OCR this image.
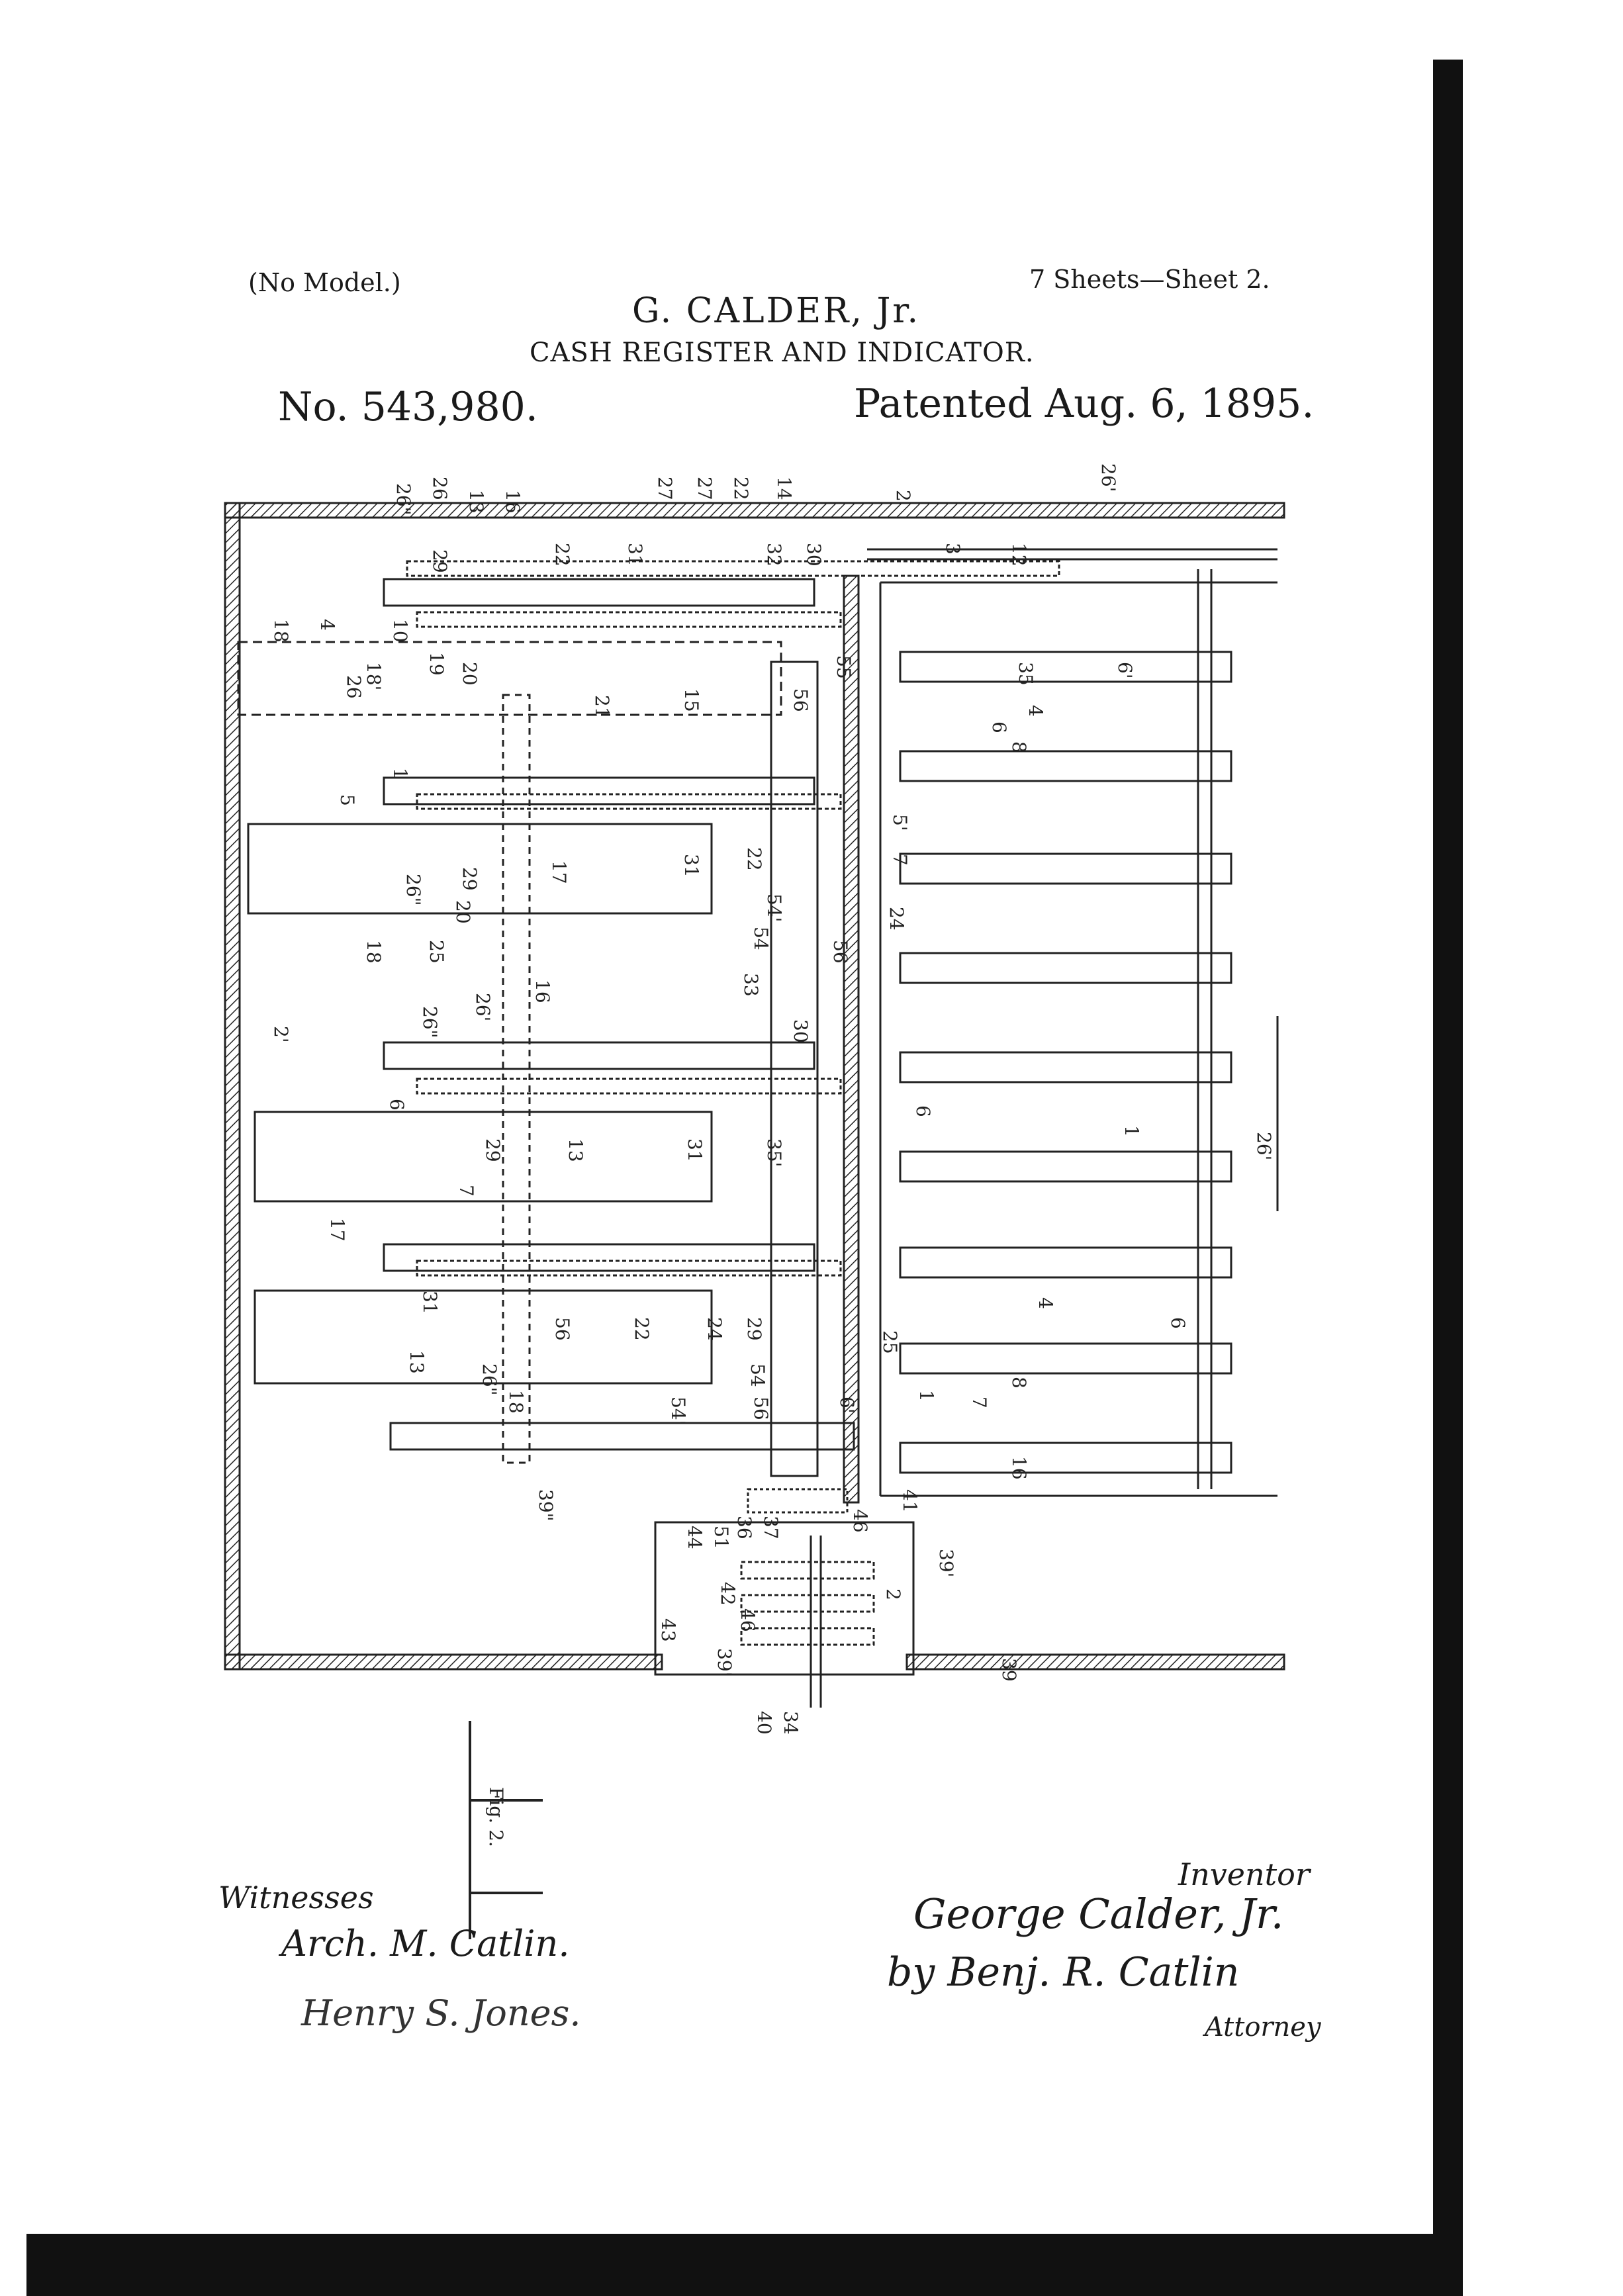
(No Model.)	7 Sheets—Sheet 2.
G. CALDER, Jr.
CASH REGISTER AND INDICATOR.
No. 543,980.	Patented Aug. 6, 1895.
Fig. 2.
26" 26' 13 16
27 27' 22 14	2
26'
29	22	31	32 30	3 12
10
18 4
26
18' 19 20
21	15	56
55	35	6'
4
6
8
1
5
5'
17	31 22	7
26" 29
20
25
54'
54
33
56
24
18
16
2'	26" 26'
30
6
6
29	13	31	35'
1
26'
7
17
31
56	22	24 29
25
26"
13
18	54'
54
56	6'
4
6
8
7
1
16
39"
44 51 36 37	46
41
39'
43
42
46
39'
2
39
40 34
Witnesses
Arch. M. Catlin.
Henry S. Jones.
Inventor
George Calder, Jr.
by Benj. R. Catlin
Attorney
